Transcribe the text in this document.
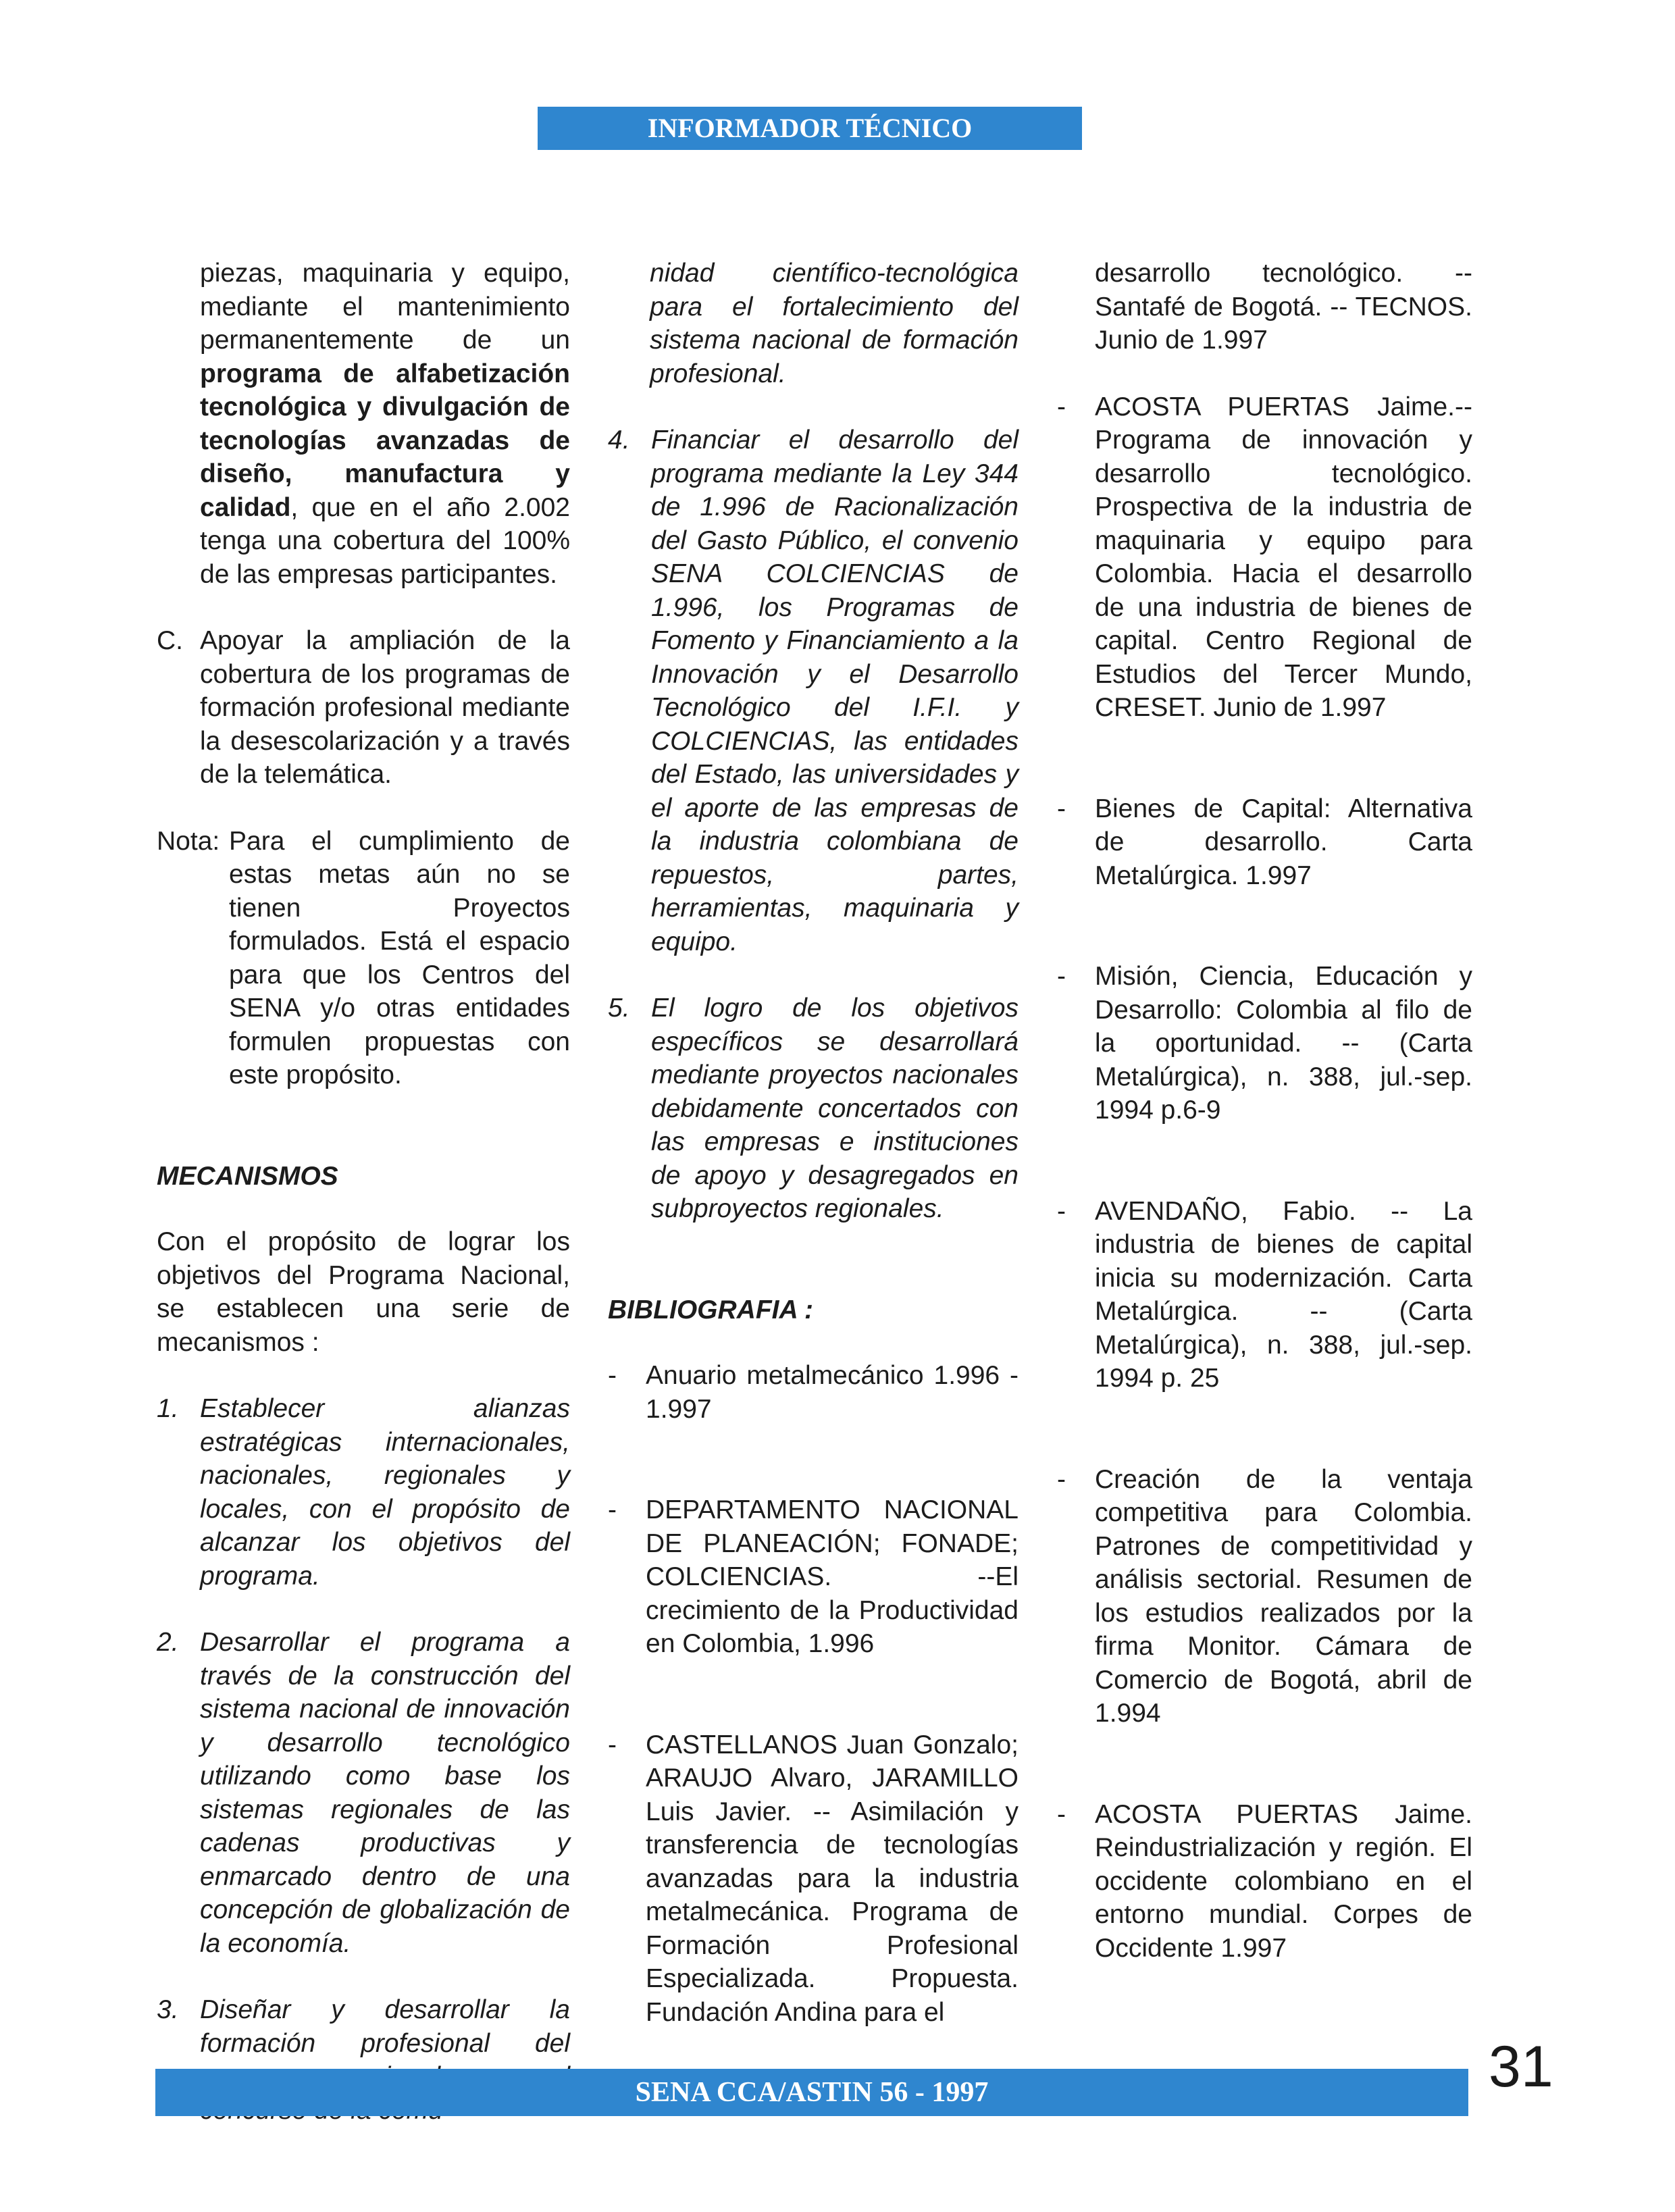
INFORMADOR TÉCNICO

piezas, maquinaria y equipo, mediante el mantenimiento permanentemente de un programa de alfabetización tecnológica y divulgación de tecnologías avanzadas de diseño, manufactura y calidad, que en el año 2.002 tenga una cobertura del 100% de las empresas participantes.

C. Apoyar la ampliación de la cobertura de los programas de formación profesional mediante la desescolarización y a través de la telemática.
Nota: Para el cumplimiento de estas metas aún no se tienen Proyectos formulados. Está el espacio para que los Centros del SENA y/o otras entidades formulen propuestas con este propósito.

MECANISMOS

Con el propósito de lograr los objetivos del Programa Nacional, se establecen una serie de mecanismos :

1. Establecer alianzas estratégicas internacionales, nacionales, regionales y locales, con el propósito de alcanzar los objetivos del programa.
2. Desarrollar el programa a través de la construcción del sistema nacional de innovación y desarrollo tecnológico utilizando como base los sistemas regionales de las cadenas productivas y enmarcado dentro de una concepción de globalización de la economía.
3. Diseñar y desarrollar la formación profesional del

nidad científico-tecnológica para el fortalecimiento del sistema nacional de formación profesional.

4. Financiar el desarrollo del programa mediante la Ley 344 de 1.996 de Racionalización del Gasto Público, el convenio SENA COLCIENCIAS de 1.996, los Programas de Fomento y Financiamiento a la Innovación y el Desarrollo Tecnológico del I.F.I. y COLCIENCIAS, las entidades del Estado, las universidades y el aporte de las empresas de la industria colombiana de repuestos, partes, herramientas, maquinaria y equipo.
5. El logro de los objetivos específicos se desarrollará mediante proyectos nacionales debidamente concertados con las empresas e instituciones de apoyo y desagregados en subproyectos regionales.

BIBLIOGRAFIA :

- Anuario metalmecánico 1.996 - 1.997
- DEPARTAMENTO NACIONAL DE PLANEACIÓN; FONADE; COLCIENCIAS. --El crecimiento de la Productividad en Colombia, 1.996
- CASTELLANOS Juan Gonzalo; ARAUJO Alvaro, JARAMILLO Luis Javier. -- Asimilación y transferencia de tecnologías avanzadas para la industria metalmecánica. Programa de Formación Profesional Especializada. Propuesta. Fundación Andina para el

desarrollo tecnológico. -- Santafé de Bogotá. -- TECNOS. Junio de 1.997

- ACOSTA PUERTAS Jaime.-- Programa de innovación y desarrollo tecnológico. Prospectiva de la industria de maquinaria y equipo para Colombia. Hacia el desarrollo de una industria de bienes de capital. Centro Regional de Estudios del Tercer Mundo, CRESET. Junio de 1.997
- Bienes de Capital: Alternativa de desarrollo. Carta Metalúrgica. 1.997
- Misión, Ciencia, Educación y Desarrollo: Colombia al filo de la oportunidad. -- (Carta Metalúrgica), n. 388, jul.-sep. 1994 p.6-9
- AVENDAÑO, Fabio. -- La industria de bienes de capital inicia su modernización. Carta Metalúrgica. -- (Carta Metalúrgica), n. 388, jul.-sep. 1994 p. 25
- Creación de la ventaja competitiva para Colombia. Patrones de competitividad y análisis sectorial. Resumen de los estudios realizados por la firma Monitor. Cámara de Comercio de Bogotá, abril de 1.994
- ACOSTA PUERTAS Jaime. Reindustrialización y región. El occidente colombiano en el entorno mundial. Corpes de Occidente 1.997
SENA CCA/ASTIN 56 - 1997	31
